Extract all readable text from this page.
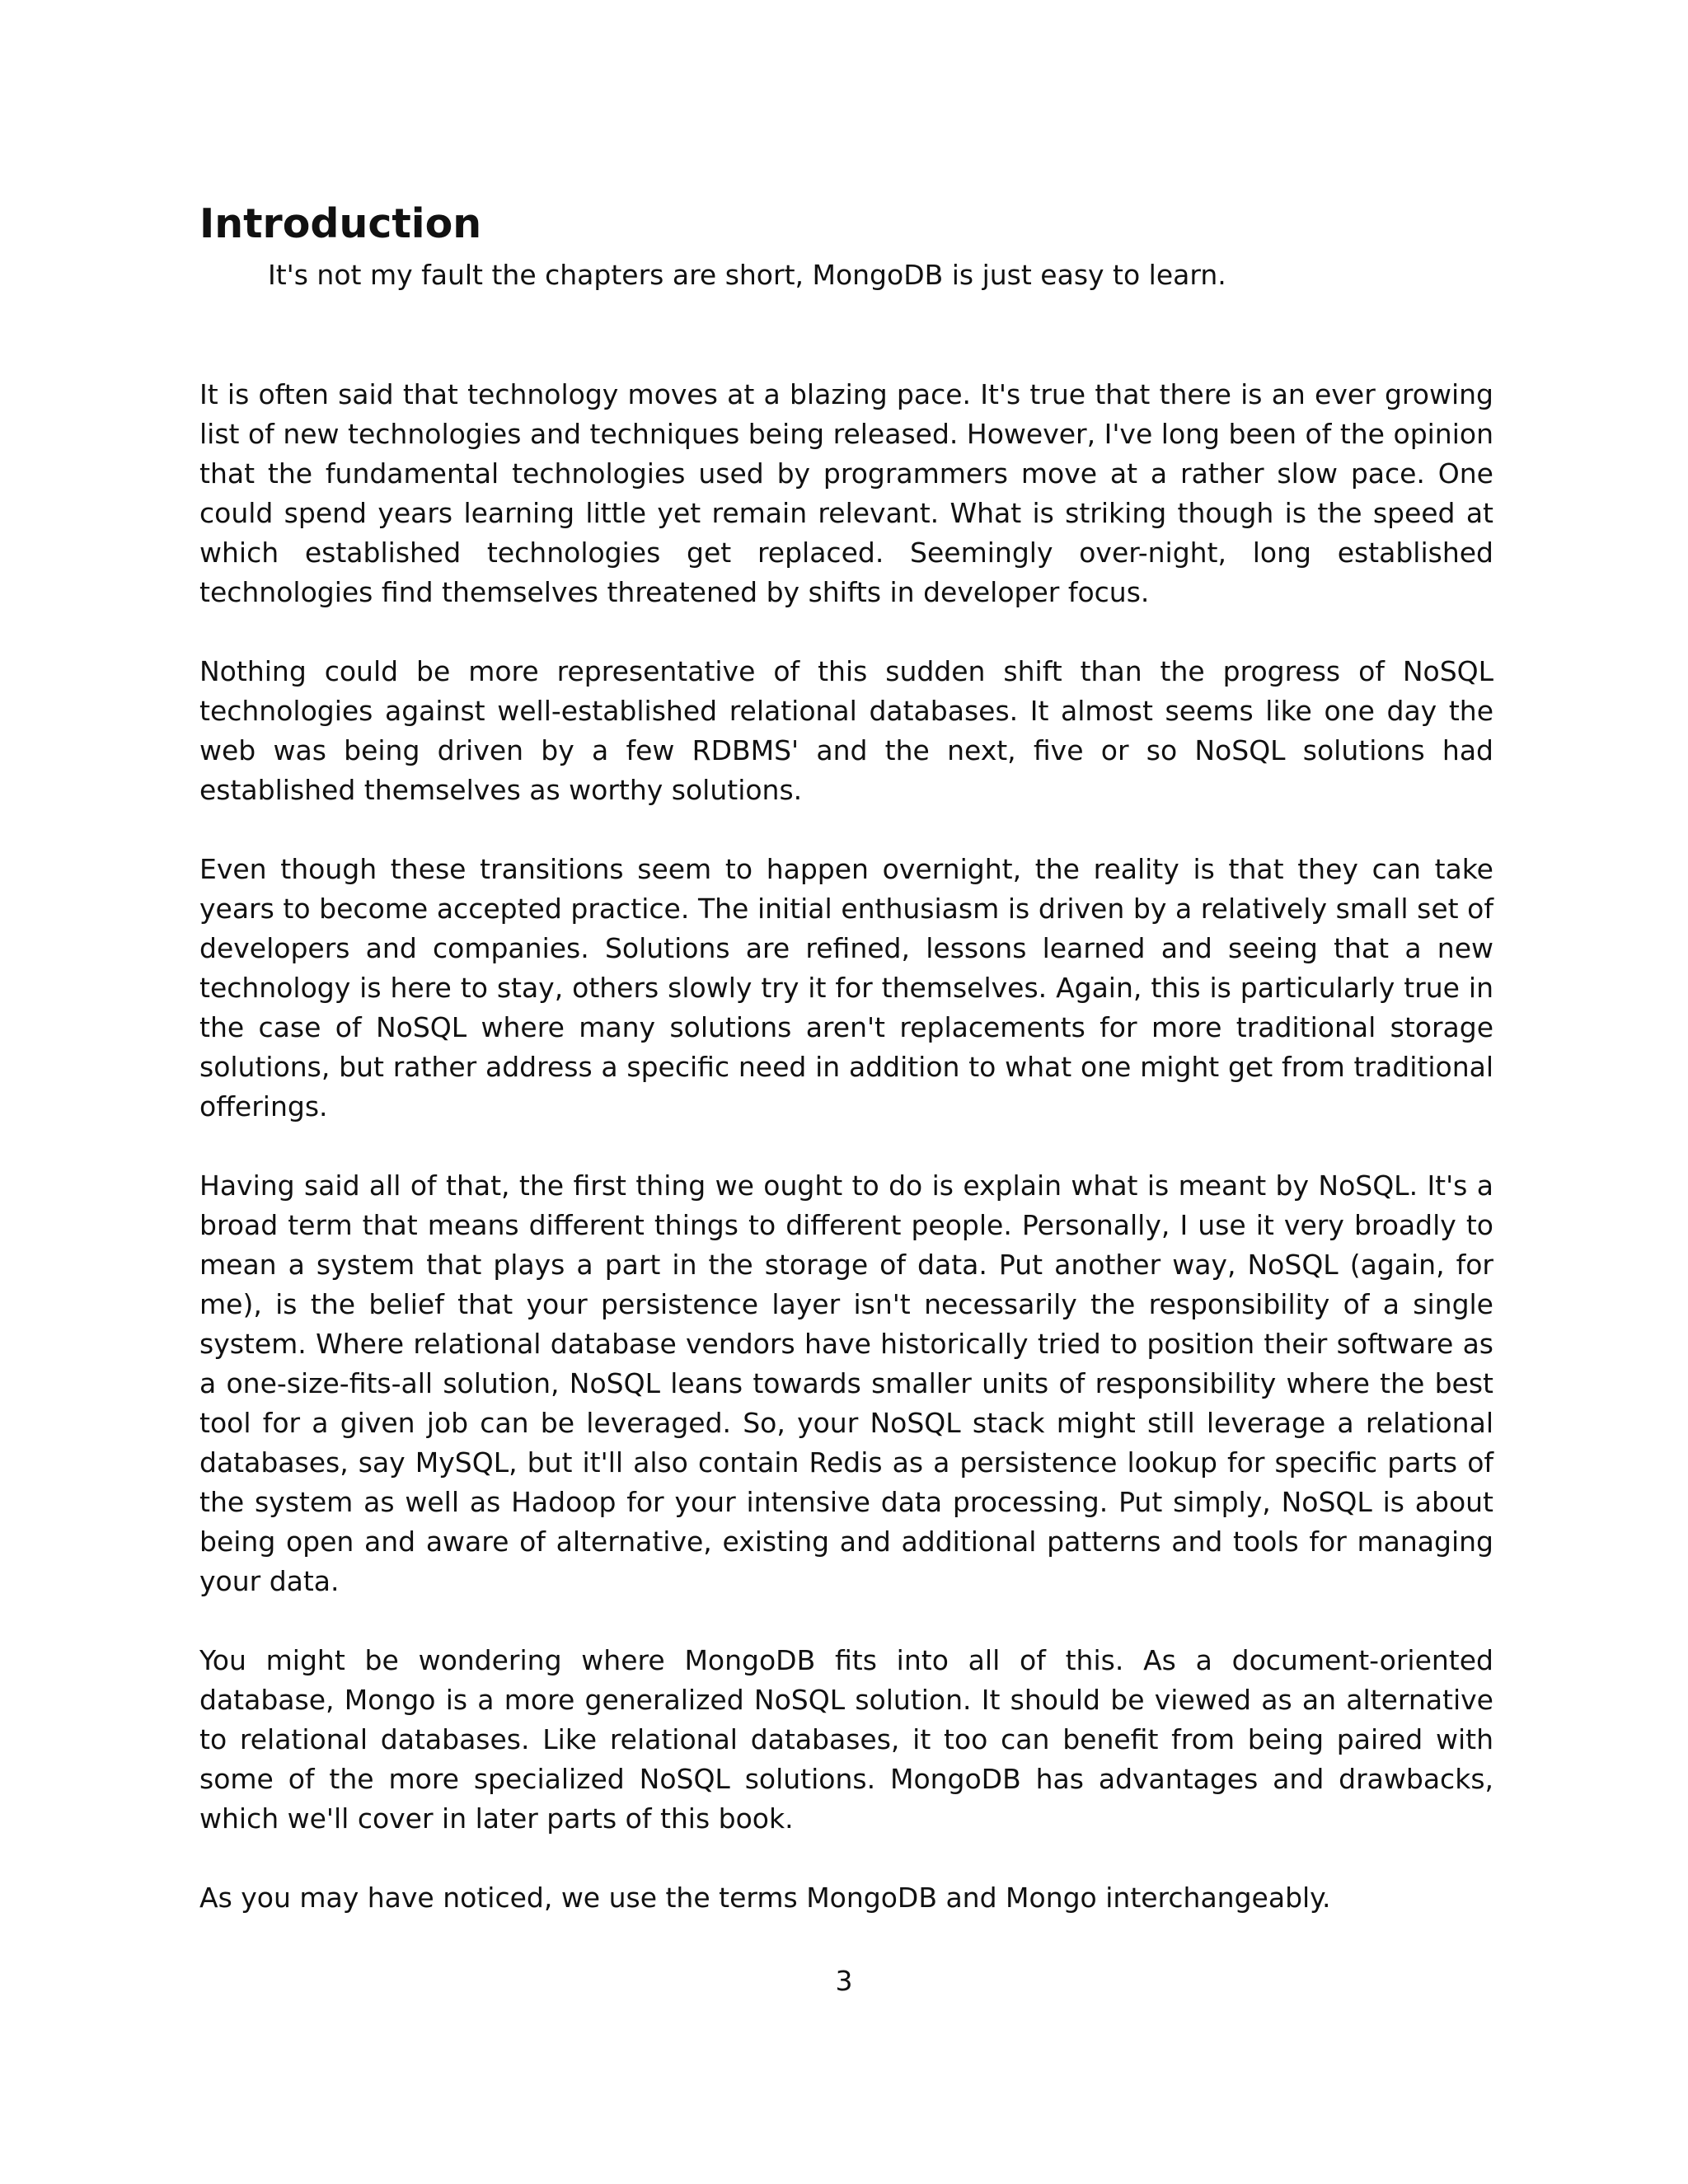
Introduction

It's not my fault the chapters are short, MongoDB is just easy to learn.

It is often said that technology moves at a blazing pace. It's true that there is an ever growing list of new technologies and techniques being released. However, I've long been of the opinion that the fundamental technologies used by programmers move at a rather slow pace. One could spend years learning little yet remain relevant. What is striking though is the speed at which established technologies get replaced. Seemingly over-night, long established technologies find themselves threatened by shifts in developer focus.

Nothing could be more representative of this sudden shift than the progress of NoSQL technologies against well-established relational databases. It almost seems like one day the web was being driven by a few RDBMS' and the next, five or so NoSQL solutions had established themselves as worthy solutions.

Even though these transitions seem to happen overnight, the reality is that they can take years to become accepted practice. The initial enthusiasm is driven by a relatively small set of developers and companies. Solutions are refined, lessons learned and seeing that a new technology is here to stay, others slowly try it for themselves. Again, this is particularly true in the case of NoSQL where many solutions aren't replacements for more traditional storage solutions, but rather address a specific need in addition to what one might get from traditional offerings.

Having said all of that, the first thing we ought to do is explain what is meant by NoSQL. It's a broad term that means different things to different people. Personally, I use it very broadly to mean a system that plays a part in the storage of data. Put another way, NoSQL (again, for me), is the belief that your persistence layer isn't necessarily the responsibility of a single system. Where relational database vendors have historically tried to position their software as a one-size-fits-all solution, NoSQL leans towards smaller units of responsibility where the best tool for a given job can be leveraged. So, your NoSQL stack might still leverage a relational databases, say MySQL, but it'll also contain Redis as a persistence lookup for specific parts of the system as well as Hadoop for your intensive data processing. Put simply, NoSQL is about being open and aware of alternative, existing and additional patterns and tools for managing your data.

You might be wondering where MongoDB fits into all of this. As a document-oriented database, Mongo is a more generalized NoSQL solution. It should be viewed as an alternative to relational databases. Like relational databases, it too can benefit from being paired with some of the more specialized NoSQL solutions. MongoDB has advantages and drawbacks, which we'll cover in later parts of this book.

As you may have noticed, we use the terms MongoDB and Mongo interchangeably.

3
